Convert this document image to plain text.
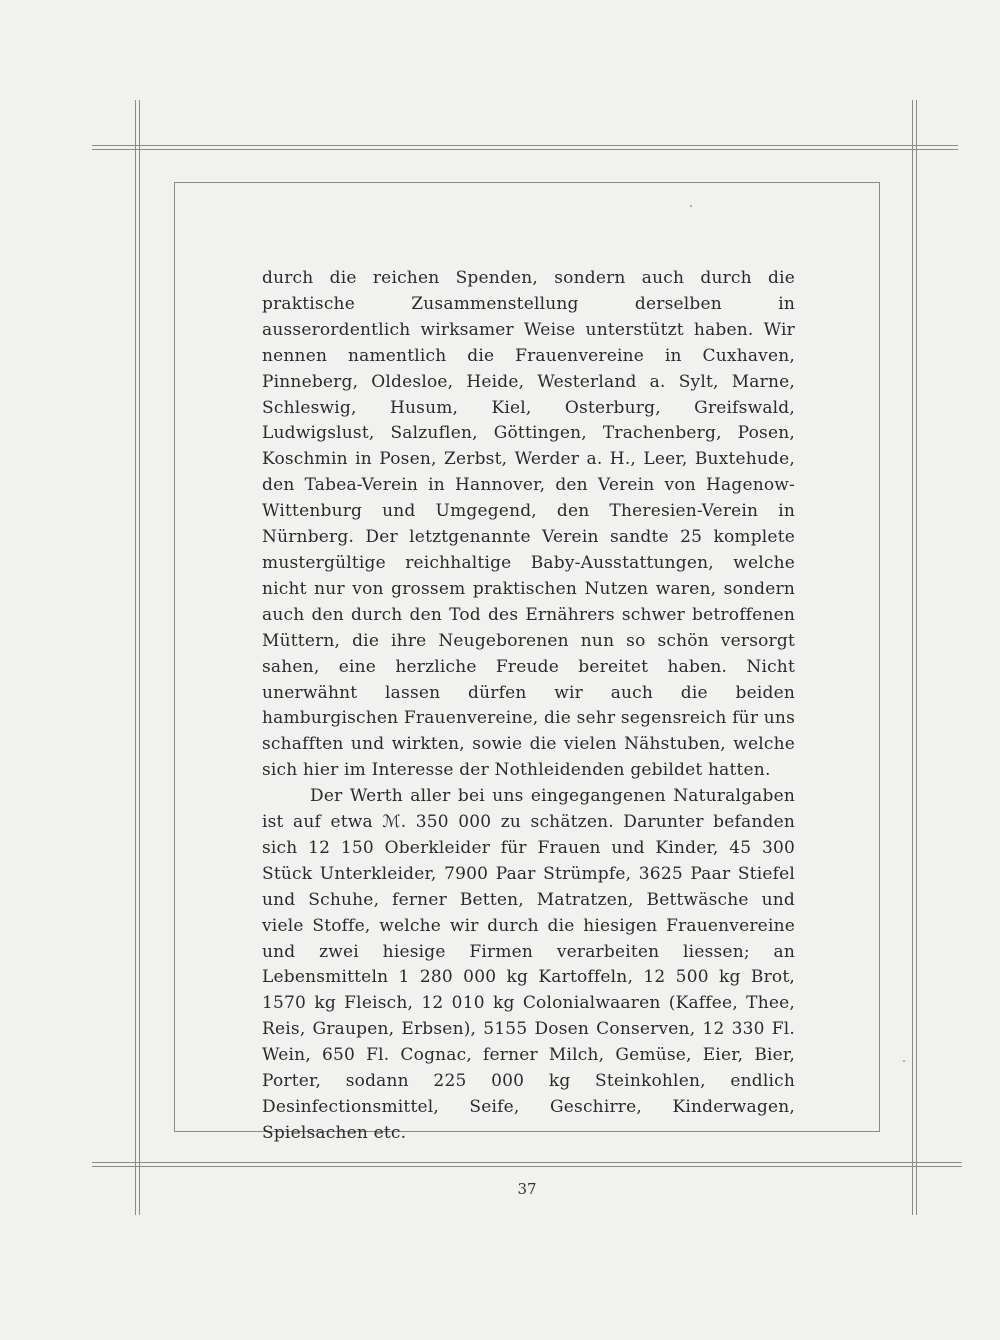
durch die reichen Spenden, sondern auch durch die praktische Zusammenstellung derselben in ausserordentlich wirksamer Weise unterstützt haben. Wir nennen namentlich die Frauenvereine in Cuxhaven, Pinneberg, Oldesloe, Heide, Westerland a. Sylt, Marne, Schleswig, Husum, Kiel, Osterburg, Greifswald, Ludwigslust, Salzuflen, Göttingen, Trachenberg, Posen, Koschmin in Posen, Zerbst, Werder a. H., Leer, Buxtehude, den Tabea-Verein in Hannover, den Verein von Hagenow-Wittenburg und Umgegend, den Theresien-Verein in Nürnberg. Der letztgenannte Verein sandte 25 komplete mustergültige reichhaltige Baby-Ausstattungen, welche nicht nur von grossem praktischen Nutzen waren, sondern auch den durch den Tod des Ernährers schwer betroffenen Müttern, die ihre Neugeborenen nun so schön versorgt sahen, eine herzliche Freude bereitet haben. Nicht unerwähnt lassen dürfen wir auch die beiden hamburgischen Frauenvereine, die sehr segensreich für uns schafften und wirkten, sowie die vielen Nähstuben, welche sich hier im Interesse der Nothleidenden gebildet hatten.

Der Werth aller bei uns eingegangenen Naturalgaben ist auf etwa ℳ. 350 000 zu schätzen. Darunter befanden sich 12 150 Oberkleider für Frauen und Kinder, 45 300 Stück Unterkleider, 7900 Paar Strümpfe, 3625 Paar Stiefel und Schuhe, ferner Betten, Matratzen, Bettwäsche und viele Stoffe, welche wir durch die hiesigen Frauenvereine und zwei hiesige Firmen verarbeiten liessen; an Lebensmitteln 1 280 000 kg Kartoffeln, 12 500 kg Brot, 1570 kg Fleisch, 12 010 kg Colonialwaaren (Kaffee, Thee, Reis, Graupen, Erbsen), 5155 Dosen Conserven, 12 330 Fl. Wein, 650 Fl. Cognac, ferner Milch, Gemüse, Eier, Bier, Porter, sodann 225 000 kg Steinkohlen, endlich Desinfectionsmittel, Seife, Geschirre, Kinderwagen, Spielsachen etc.

37
